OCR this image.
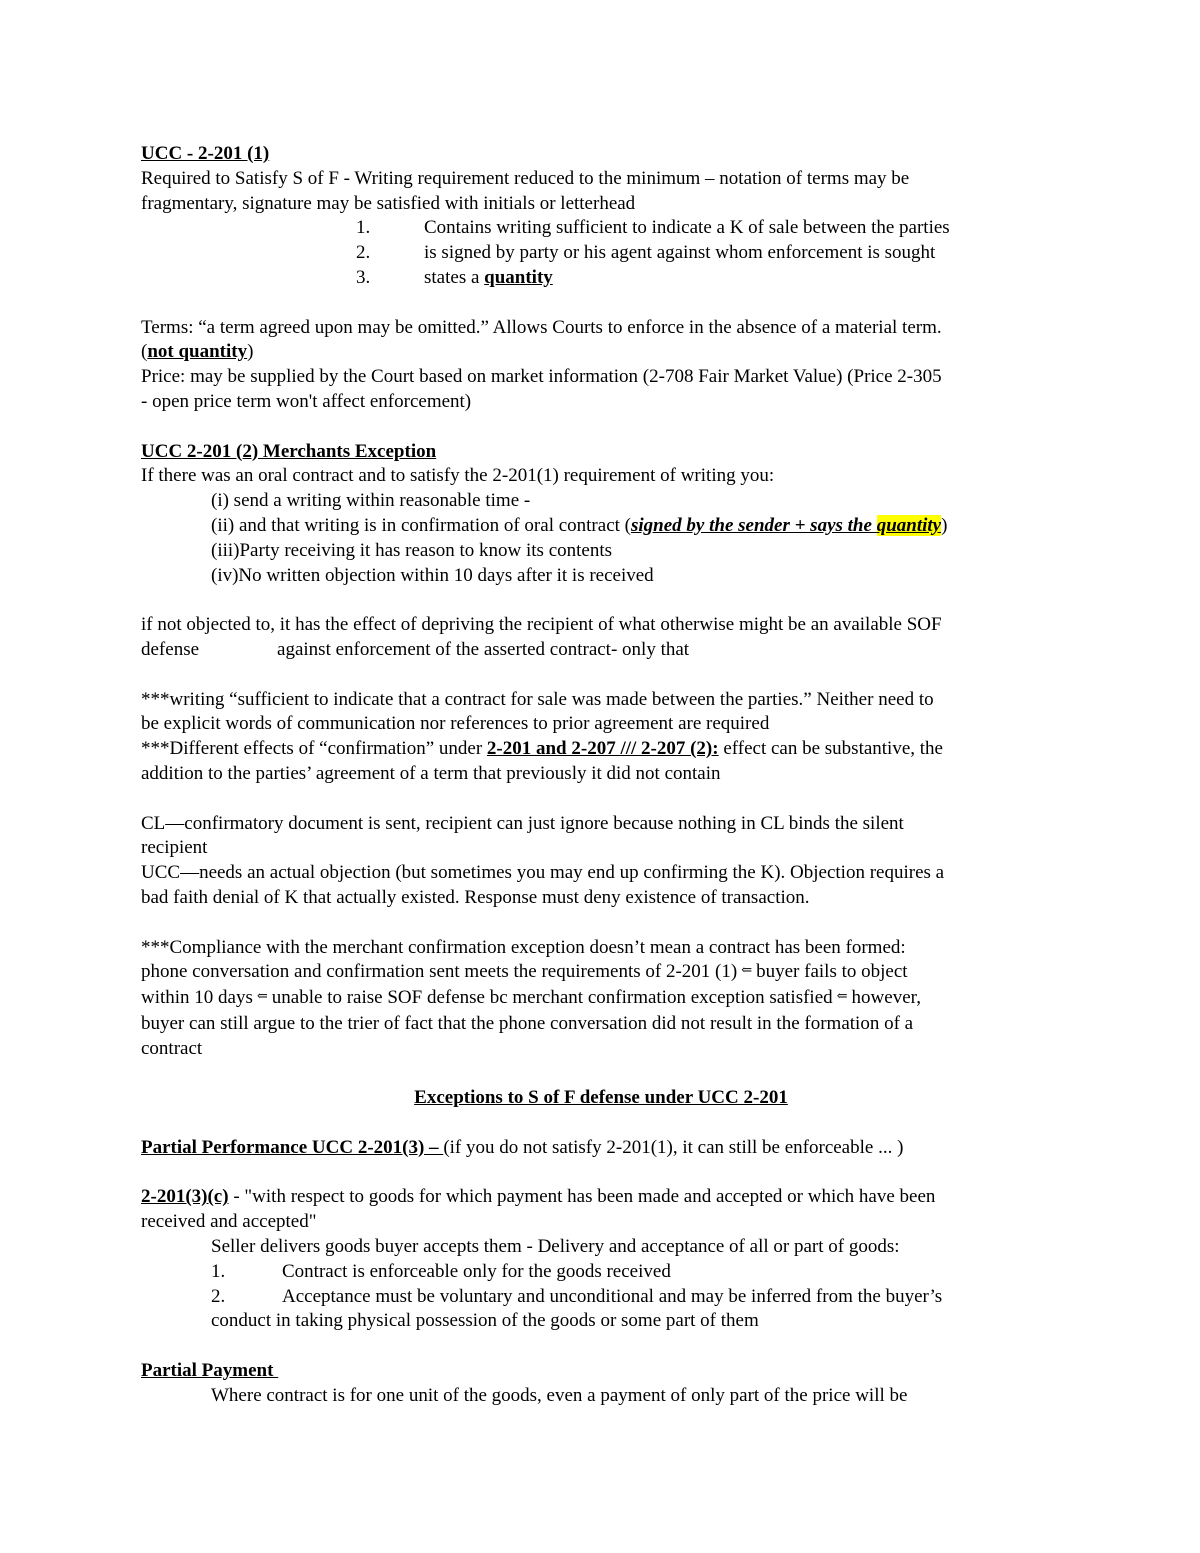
UCC - 2-201 (1)
Required to Satisfy S of F - Writing requirement reduced to the minimum – notation of terms may be
fragmentary, signature may be satisfied with initials or letterhead
1.	Contains writing sufficient to indicate a K of sale between the parties
2.	is signed by party or his agent against whom enforcement is sought
3.	states a quantity
Terms: “a term agreed upon may be omitted.” Allows Courts to enforce in the absence of a material term.
(not quantity)
Price: may be supplied by the Court based on market information (2-708 Fair Market Value) (Price 2-305
- open price term won't affect enforcement)
UCC 2-201 (2) Merchants Exception
If there was an oral contract and to satisfy the 2-201(1) requirement of writing you:
(i) send a writing within reasonable time -
(ii) and that writing is in confirmation of oral contract (signed by the sender + says the quantity)
(iii)Party receiving it has reason to know its contents
(iv)No written objection within 10 days after it is received
if not objected to, it has the effect of depriving the recipient of what otherwise might be an available SOF
defense	against enforcement of the asserted contract- only that
***writing “sufficient to indicate that a contract for sale was made between the parties.” Neither need to
be explicit words of communication nor references to prior agreement are required
***Different effects of “confirmation” under 2-201 and 2-207 /// 2-207 (2): effect can be substantive, the
addition to the parties’ agreement of a term that previously it did not contain
CL—confirmatory document is sent, recipient can just ignore because nothing in CL binds the silent
recipient
UCC—needs an actual objection (but sometimes you may end up confirming the K). Objection requires a
bad faith denial of K that actually existed. Response must deny existence of transaction.
***Compliance with the merchant confirmation exception doesn’t mean a contract has been formed:
phone conversation and confirmation sent meets the requirements of 2-201 (1) ⇐ buyer fails to object
within 10 days ⇐ unable to raise SOF defense bc merchant confirmation exception satisfied ⇐ however,
buyer can still argue to the trier of fact that the phone conversation did not result in the formation of a
contract
Exceptions to S of F defense under UCC 2-201
Partial Performance UCC 2-201(3) – (if you do not satisfy 2-201(1), it can still be enforceable ... )
2-201(3)(c) - "with respect to goods for which payment has been made and accepted or which have been
received and accepted"
Seller delivers goods buyer accepts them - Delivery and acceptance of all or part of goods:
1.	Contract is enforceable only for the goods received
2.	Acceptance must be voluntary and unconditional and may be inferred from the buyer’s
conduct in taking physical possession of the goods or some part of them
Partial Payment
Where contract is for one unit of the goods, even a payment of only part of the price will be
